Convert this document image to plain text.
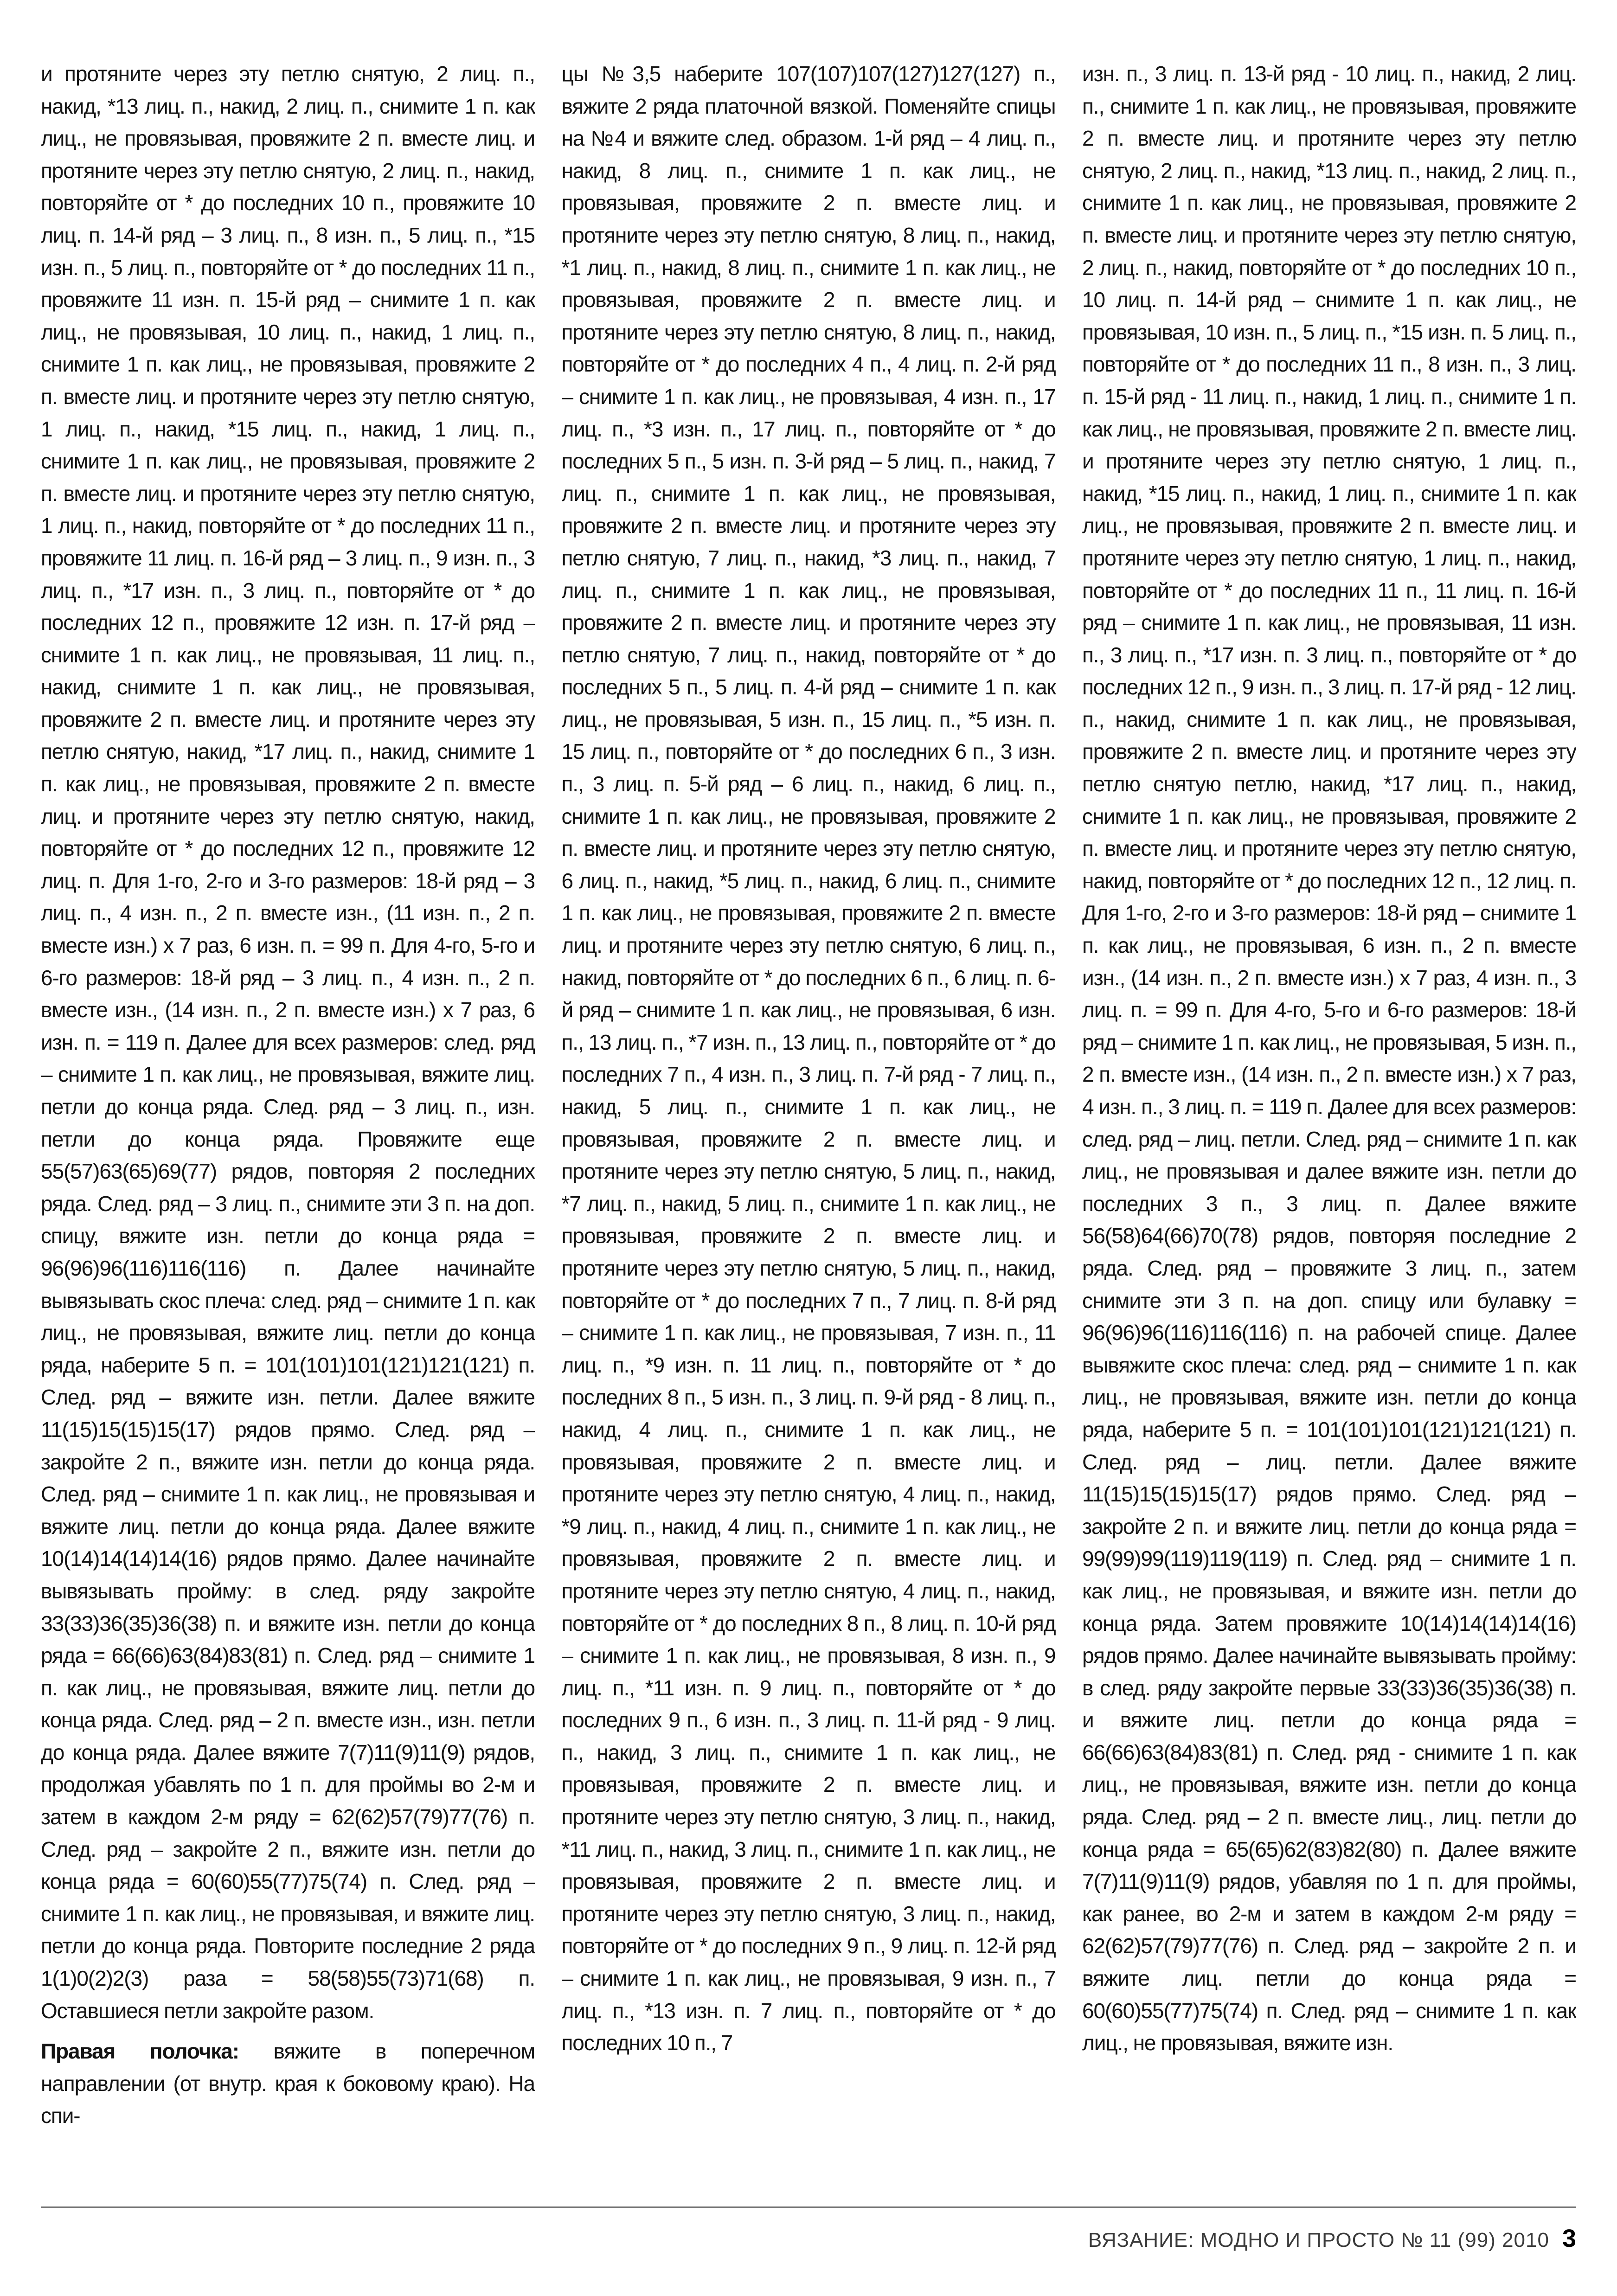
и протяните через эту петлю снятую, 2 лиц. п., накид, *13 лиц. п., накид, 2 лиц. п., снимите 1 п. как лиц., не провязывая, провяжите 2 п. вместе лиц. и протяните через эту петлю снятую, 2 лиц. п., накид, повторяйте от * до последних 10 п., провяжите 10 лиц. п. 14-й ряд – 3 лиц. п., 8 изн. п., 5 лиц. п., *15 изн. п., 5 лиц. п., повторяйте от * до последних 11 п., провяжите 11 изн. п. 15-й ряд – снимите 1 п. как лиц., не провязывая, 10 лиц. п., накид, 1 лиц. п., снимите 1 п. как лиц., не провязывая, провяжите 2 п. вместе лиц. и протяните через эту петлю снятую, 1 лиц. п., накид, *15 лиц. п., накид, 1 лиц. п., снимите 1 п. как лиц., не провязывая, провяжите 2 п. вместе лиц. и протяните через эту петлю снятую, 1 лиц. п., накид, повторяйте от * до последних 11 п., провяжите 11 лиц. п. 16-й ряд – 3 лиц. п., 9 изн. п., 3 лиц. п., *17 изн. п., 3 лиц. п., повторяйте от * до последних 12 п., провяжите 12 изн. п. 17-й ряд – снимите 1 п. как лиц., не провязывая, 11 лиц. п., накид, снимите 1 п. как лиц., не провязывая, провяжите 2 п. вместе лиц. и протяните через эту петлю снятую, накид, *17 лиц. п., накид, снимите 1 п. как лиц., не провязывая, провяжите 2 п. вместе лиц. и протяните через эту петлю снятую, накид, повторяйте от * до последних 12 п., провяжите 12 лиц. п. Для 1-го, 2-го и 3-го размеров: 18-й ряд – 3 лиц. п., 4 изн. п., 2 п. вместе изн., (11 изн. п., 2 п. вместе изн.) x 7 раз, 6 изн. п. = 99 п. Для 4-го, 5-го и 6-го размеров: 18-й ряд – 3 лиц. п., 4 изн. п., 2 п. вместе изн., (14 изн. п., 2 п. вместе изн.) x 7 раз, 6 изн. п. = 119 п. Далее для всех размеров: след. ряд – снимите 1 п. как лиц., не провязывая, вяжите лиц. петли до конца ряда. След. ряд – 3 лиц. п., изн. петли до конца ряда. Провяжите еще 55(57)63(65)69(77) рядов, повторяя 2 последних ряда. След. ряд – 3 лиц. п., снимите эти 3 п. на доп. спицу, вяжите изн. петли до конца ряда = 96(96)96(116)116(116) п. Далее начинайте вывязывать скос плеча: след. ряд – снимите 1 п. как лиц., не провязывая, вяжите лиц. петли до конца ряда, наберите 5 п. = 101(101)101(121)121(121) п. След. ряд – вяжите изн. петли. Далее вяжите 11(15)15(15)15(17) рядов прямо. След. ряд – закройте 2 п., вяжите изн. петли до конца ряда. След. ряд – снимите 1 п. как лиц., не провязывая и вяжите лиц. петли до конца ряда. Далее вяжите 10(14)14(14)14(16) рядов прямо. Далее начинайте вывязывать пройму: в след. ряду закройте 33(33)36(35)36(38) п. и вяжите изн. петли до конца ряда = 66(66)63(84)83(81) п. След. ряд – снимите 1 п. как лиц., не провязывая, вяжите лиц. петли до конца ряда. След. ряд – 2 п. вместе изн., изн. петли до конца ряда. Далее вяжите 7(7)11(9)11(9) рядов, продолжая убавлять по 1 п. для проймы во 2-м и затем в каждом 2-м ряду = 62(62)57(79)77(76) п. След. ряд – закройте 2 п., вяжите изн. петли до конца ряда = 60(60)55(77)75(74) п. След. ряд – снимите 1 п. как лиц., не провязывая, и вяжите лиц. петли до конца ряда. Повторите последние 2 ряда 1(1)0(2)2(3) раза = 58(58)55(73)71(68) п. Оставшиеся петли закройте разом.

Правая полочка: вяжите в поперечном направлении (от внутр. края к боковому краю). На спи-

цы №3,5 наберите 107(107)107(127)127(127) п., вяжите 2 ряда платочной вязкой. Поменяйте спицы на №4 и вяжите след. образом. 1-й ряд – 4 лиц. п., накид, 8 лиц. п., снимите 1 п. как лиц., не провязывая, провяжите 2 п. вместе лиц. и протяните через эту петлю снятую, 8 лиц. п., накид, *1 лиц. п., накид, 8 лиц. п., снимите 1 п. как лиц., не провязывая, провяжите 2 п. вместе лиц. и протяните через эту петлю снятую, 8 лиц. п., накид, повторяйте от * до последних 4 п., 4 лиц. п. 2-й ряд – снимите 1 п. как лиц., не провязывая, 4 изн. п., 17 лиц. п., *3 изн. п., 17 лиц. п., повторяйте от * до последних 5 п., 5 изн. п. 3-й ряд – 5 лиц. п., накид, 7 лиц. п., снимите 1 п. как лиц., не провязывая, провяжите 2 п. вместе лиц. и протяните через эту петлю снятую, 7 лиц. п., накид, *3 лиц. п., накид, 7 лиц. п., снимите 1 п. как лиц., не провязывая, провяжите 2 п. вместе лиц. и протяните через эту петлю снятую, 7 лиц. п., накид, повторяйте от * до последних 5 п., 5 лиц. п. 4-й ряд – снимите 1 п. как лиц., не провязывая, 5 изн. п., 15 лиц. п., *5 изн. п. 15 лиц. п., повторяйте от * до последних 6 п., 3 изн. п., 3 лиц. п. 5-й ряд – 6 лиц. п., накид, 6 лиц. п., снимите 1 п. как лиц., не провязывая, провяжите 2 п. вместе лиц. и протяните через эту петлю снятую, 6 лиц. п., накид, *5 лиц. п., накид, 6 лиц. п., снимите 1 п. как лиц., не провязывая, провяжите 2 п. вместе лиц. и протяните через эту петлю снятую, 6 лиц. п., накид, повторяйте от * до последних 6 п., 6 лиц. п. 6-й ряд – снимите 1 п. как лиц., не провязывая, 6 изн. п., 13 лиц. п., *7 изн. п., 13 лиц. п., повторяйте от * до последних 7 п., 4 изн. п., 3 лиц. п. 7-й ряд - 7 лиц. п., накид, 5 лиц. п., снимите 1 п. как лиц., не провязывая, провяжите 2 п. вместе лиц. и протяните через эту петлю снятую, 5 лиц. п., накид, *7 лиц. п., накид, 5 лиц. п., снимите 1 п. как лиц., не провязывая, провяжите 2 п. вместе лиц. и протяните через эту петлю снятую, 5 лиц. п., накид, повторяйте от * до последних 7 п., 7 лиц. п. 8-й ряд – снимите 1 п. как лиц., не провязывая, 7 изн. п., 11 лиц. п., *9 изн. п. 11 лиц. п., повторяйте от * до последних 8 п., 5 изн. п., 3 лиц. п. 9-й ряд - 8 лиц. п., накид, 4 лиц. п., снимите 1 п. как лиц., не провязывая, провяжите 2 п. вместе лиц. и протяните через эту петлю снятую, 4 лиц. п., накид, *9 лиц. п., накид, 4 лиц. п., снимите 1 п. как лиц., не провязывая, провяжите 2 п. вместе лиц. и протяните через эту петлю снятую, 4 лиц. п., накид, повторяйте от * до последних 8 п., 8 лиц. п. 10-й ряд – снимите 1 п. как лиц., не провязывая, 8 изн. п., 9 лиц. п., *11 изн. п. 9 лиц. п., повторяйте от * до последних 9 п., 6 изн. п., 3 лиц. п. 11-й ряд - 9 лиц. п., накид, 3 лиц. п., снимите 1 п. как лиц., не провязывая, провяжите 2 п. вместе лиц. и протяните через эту петлю снятую, 3 лиц. п., накид, *11 лиц. п., накид, 3 лиц. п., снимите 1 п. как лиц., не провязывая, провяжите 2 п. вместе лиц. и протяните через эту петлю снятую, 3 лиц. п., накид, повторяйте от * до последних 9 п., 9 лиц. п. 12-й ряд – снимите 1 п. как лиц., не провязывая, 9 изн. п., 7 лиц. п., *13 изн. п. 7 лиц. п., повторяйте от * до последних 10 п., 7

изн. п., 3 лиц. п. 13-й ряд - 10 лиц. п., накид, 2 лиц. п., снимите 1 п. как лиц., не провязывая, провяжите 2 п. вместе лиц. и протяните через эту петлю снятую, 2 лиц. п., накид, *13 лиц. п., накид, 2 лиц. п., снимите 1 п. как лиц., не провязывая, провяжите 2 п. вместе лиц. и протяните через эту петлю снятую, 2 лиц. п., накид, повторяйте от * до последних 10 п., 10 лиц. п. 14-й ряд – снимите 1 п. как лиц., не провязывая, 10 изн. п., 5 лиц. п., *15 изн. п. 5 лиц. п., повторяйте от * до последних 11 п., 8 изн. п., 3 лиц. п. 15-й ряд - 11 лиц. п., накид, 1 лиц. п., снимите 1 п. как лиц., не провязывая, провяжите 2 п. вместе лиц. и протяните через эту петлю снятую, 1 лиц. п., накид, *15 лиц. п., накид, 1 лиц. п., снимите 1 п. как лиц., не провязывая, провяжите 2 п. вместе лиц. и протяните через эту петлю снятую, 1 лиц. п., накид, повторяйте от * до последних 11 п., 11 лиц. п. 16-й ряд – снимите 1 п. как лиц., не провязывая, 11 изн. п., 3 лиц. п., *17 изн. п. 3 лиц. п., повторяйте от * до последних 12 п., 9 изн. п., 3 лиц. п. 17-й ряд - 12 лиц. п., накид, снимите 1 п. как лиц., не провязывая, провяжите 2 п. вместе лиц. и протяните через эту петлю снятую петлю, накид, *17 лиц. п., накид, снимите 1 п. как лиц., не провязывая, провяжите 2 п. вместе лиц. и протяните через эту петлю снятую, накид, повторяйте от * до последних 12 п., 12 лиц. п. Для 1-го, 2-го и 3-го размеров: 18-й ряд – снимите 1 п. как лиц., не провязывая, 6 изн. п., 2 п. вместе изн., (14 изн. п., 2 п. вместе изн.) x 7 раз, 4 изн. п., 3 лиц. п. = 99 п. Для 4-го, 5-го и 6-го размеров: 18-й ряд – снимите 1 п. как лиц., не провязывая, 5 изн. п., 2 п. вместе изн., (14 изн. п., 2 п. вместе изн.) x 7 раз, 4 изн. п., 3 лиц. п. = 119 п. Далее для всех размеров: след. ряд – лиц. петли. След. ряд – снимите 1 п. как лиц., не провязывая и далее вяжите изн. петли до последних 3 п., 3 лиц. п. Далее вяжите 56(58)64(66)70(78) рядов, повторяя последние 2 ряда. След. ряд – провяжите 3 лиц. п., затем снимите эти 3 п. на доп. спицу или булавку = 96(96)96(116)116(116) п. на рабочей спице. Далее вывяжите скос плеча: след. ряд – снимите 1 п. как лиц., не провязывая, вяжите изн. петли до конца ряда, наберите 5 п. = 101(101)101(121)121(121) п. След. ряд – лиц. петли. Далее вяжите 11(15)15(15)15(17) рядов прямо. След. ряд – закройте 2 п. и вяжите лиц. петли до конца ряда = 99(99)99(119)119(119) п. След. ряд – снимите 1 п. как лиц., не провязывая, и вяжите изн. петли до конца ряда. Затем провяжите 10(14)14(14)14(16) рядов прямо. Далее начинайте вывязывать пройму: в след. ряду закройте первые 33(33)36(35)36(38) п. и вяжите лиц. петли до конца ряда = 66(66)63(84)83(81) п. След. ряд - снимите 1 п. как лиц., не провязывая, вяжите изн. петли до конца ряда. След. ряд – 2 п. вместе лиц., лиц. петли до конца ряда = 65(65)62(83)82(80) п. Далее вяжите 7(7)11(9)11(9) рядов, убавляя по 1 п. для проймы, как ранее, во 2-м и затем в каждом 2-м ряду = 62(62)57(79)77(76) п. След. ряд – закройте 2 п. и вяжите лиц. петли до конца ряда = 60(60)55(77)75(74) п. След. ряд – снимите 1 п. как лиц., не провязывая, вяжите изн.

ВЯЗАНИЕ: МОДНО И ПРОСТО № 11 (99) 2010 3
